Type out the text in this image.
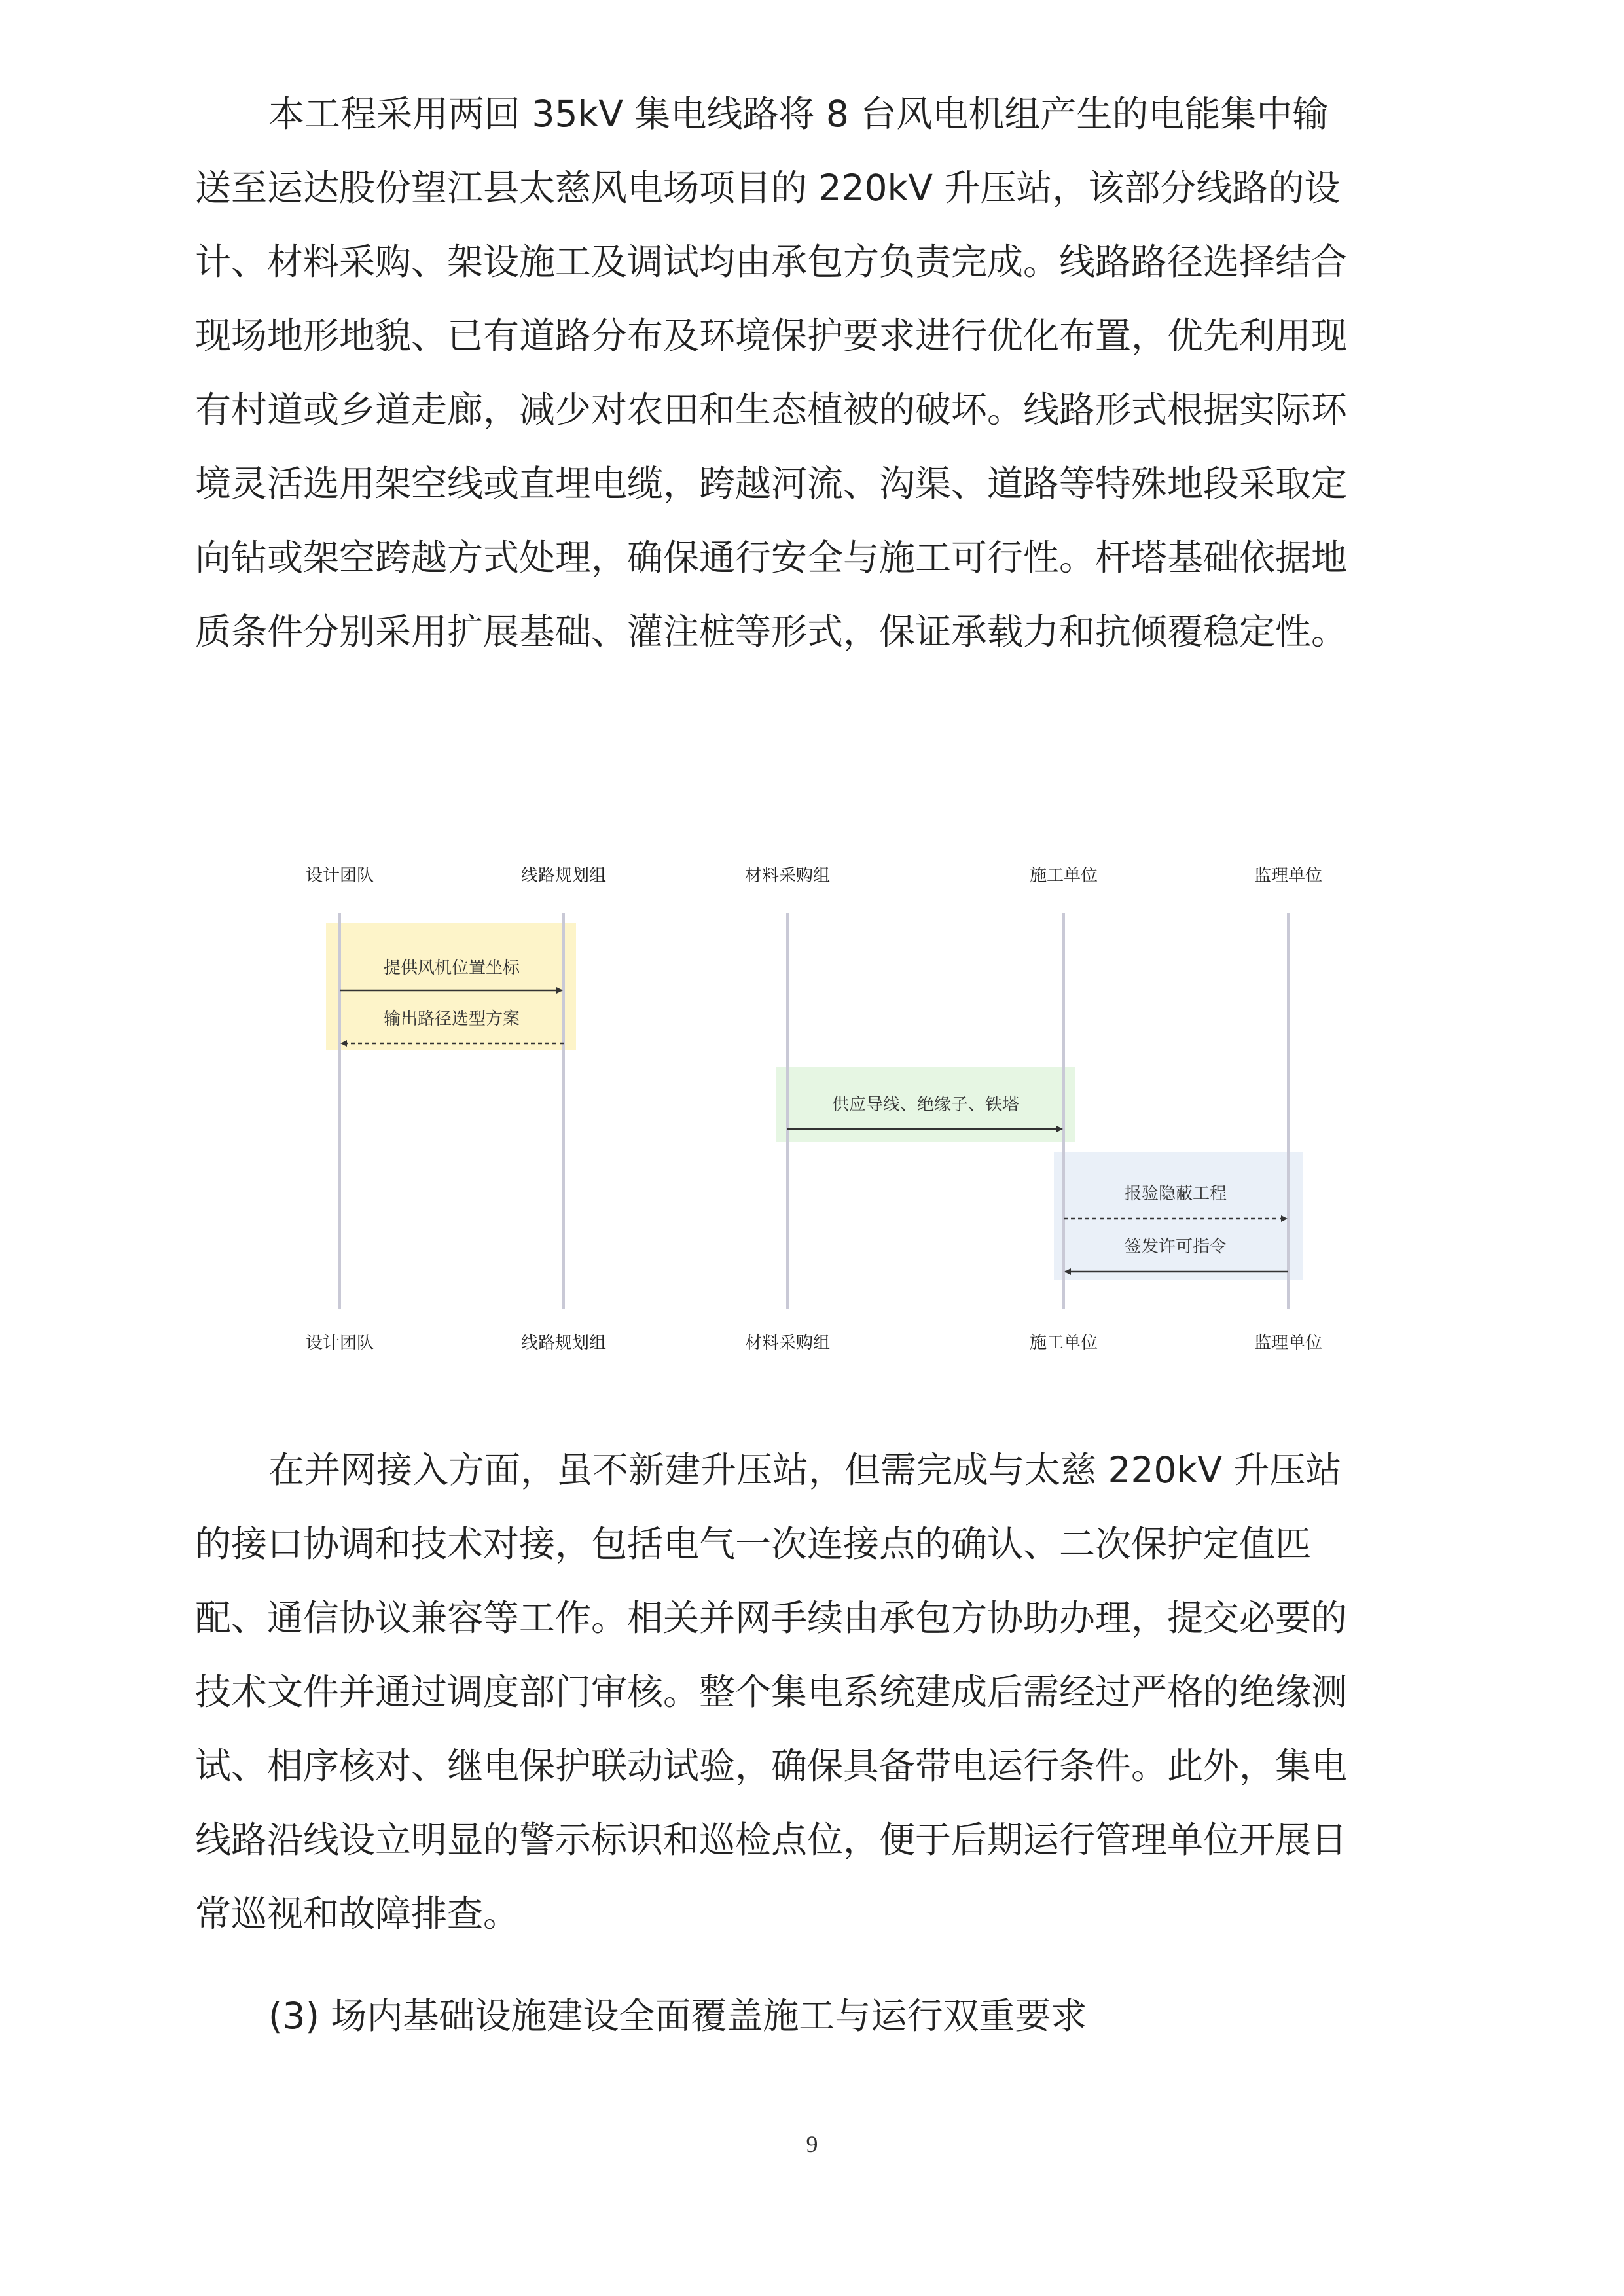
本工程采用两回 35kV 集电线路将 8 台风电机组产生的电能集中输
送至运达股份望江县太慈风电场项目的 220kV 升压站，该部分线路的设
计、材料采购、架设施工及调试均由承包方负责完成。线路路径选择结合
现场地形地貌、已有道路分布及环境保护要求进行优化布置，优先利用现
有村道或乡道走廊，减少对农田和生态植被的破坏。线路形式根据实际环
境灵活选用架空线或直埋电缆，跨越河流、沟渠、道路等特殊地段采取定
向钻或架空跨越方式处理，确保通行安全与施工可行性。杆塔基础依据地
质条件分别采用扩展基础、灌注桩等形式，保证承载力和抗倾覆稳定性。
设计团队	线路规划组	材料采购组	施工单位	监理单位
设计团队	线路规划组	材料采购组	施工单位	监理单位
提供风机位置坐标
输出路径选型方案
供应导线、绝缘子、铁塔
报验隐蔽工程
签发许可指令
在并网接入方面，虽不新建升压站，但需完成与太慈 220kV 升压站
的接口协调和技术对接，包括电气一次连接点的确认、二次保护定值匹
配、通信协议兼容等工作。相关并网手续由承包方协助办理，提交必要的
技术文件并通过调度部门审核。整个集电系统建成后需经过严格的绝缘测
试、相序核对、继电保护联动试验，确保具备带电运行条件。此外，集电
线路沿线设立明显的警示标识和巡检点位，便于后期运行管理单位开展日
常巡视和故障排查。
(3) 场内基础设施建设全面覆盖施工与运行双重要求
9
